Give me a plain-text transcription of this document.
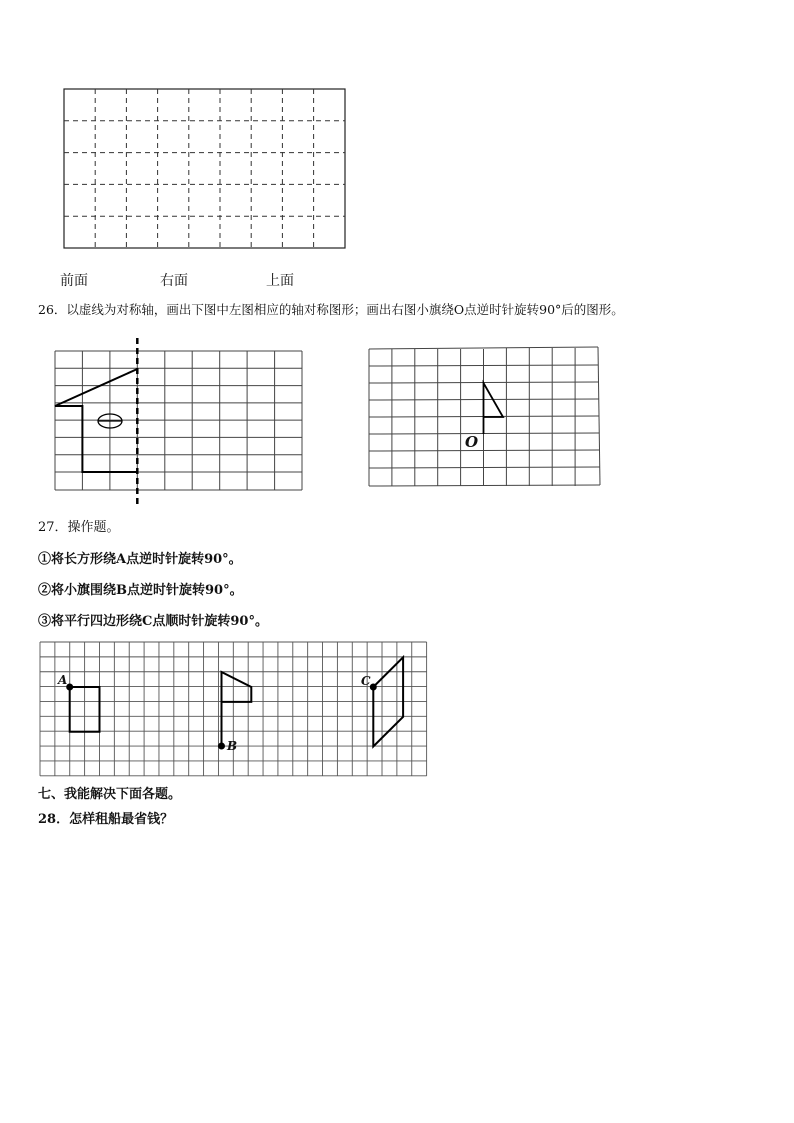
前面	右面	上面
26．以虚线为对称轴，画出下图中左图相应的轴对称图形；画出右图小旗绕O点逆时针旋转90°后的图形。
O
27．操作题。
①将长方形绕A点逆时针旋转90°。
②将小旗围绕B点逆时针旋转90°。
③将平行四边形绕C点顺时针旋转90°。
A
B
C
七、我能解决下面各题。
28．怎样租船最省钱？
